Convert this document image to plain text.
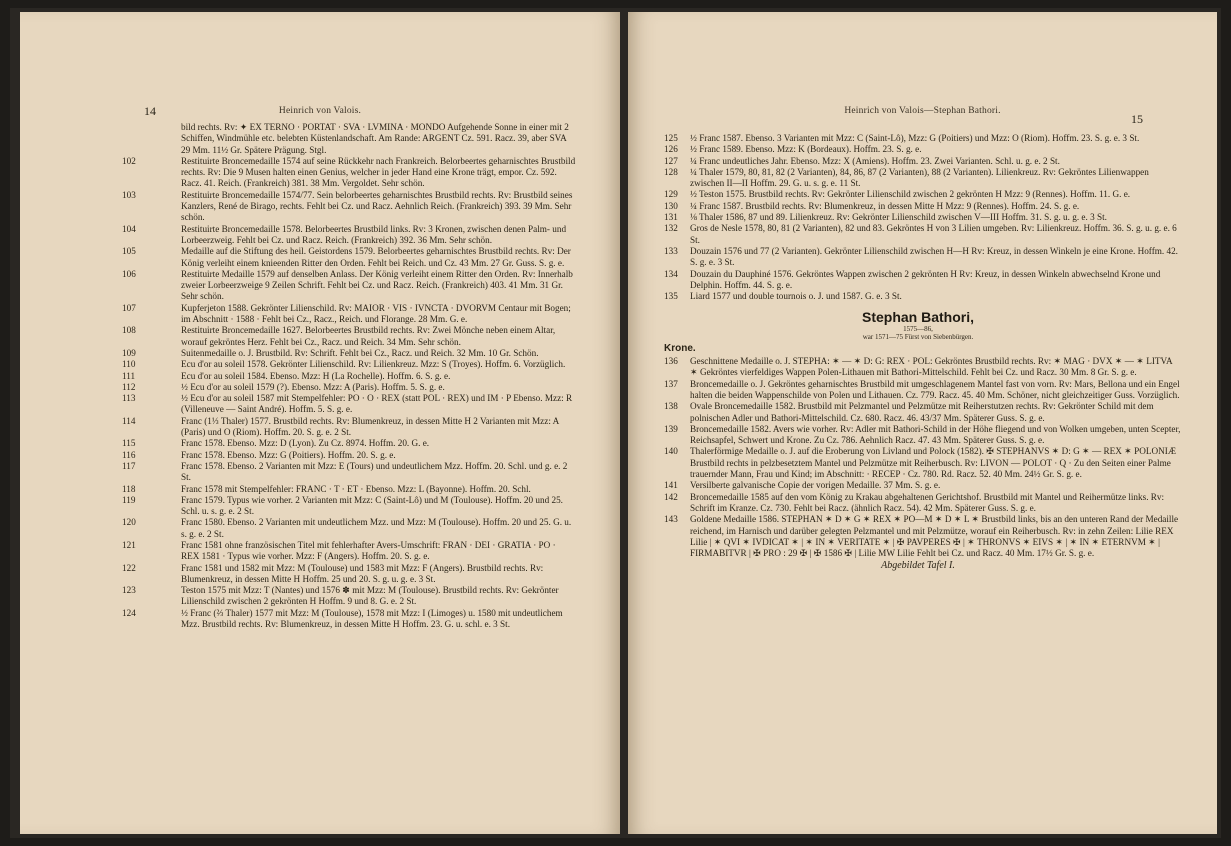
14	Heinrich von Valois.

bild rechts. Rv: ✦ EX TERNO · PORTAT · SVA · LVMINA · MONDO Aufgehende Sonne in einer mit 2 Schiffen, Windmühle etc. belebten Küstenlandschaft. Am Rande: ARGENT Cz. 591. Racz. 39, aber SVA 29 Mm. 11½ Gr. Spätere Prägung. Stgl.

102	Restituirte Broncemedaille 1574 auf seine Rückkehr nach Frankreich. Belorbeertes geharnischtes Brustbild rechts. Rv: Die 9 Musen halten einen Genius, welcher in jeder Hand eine Krone trägt, empor. Cz. 592. Racz. 41. Reich. (Frankreich) 381. 38 Mm. Vergoldet. Sehr schön.

103	Restituirte Broncemedaille 1574/77. Sein belorbeertes geharnischtes Brustbild rechts. Rv: Brustbild seines Kanzlers, René de Birago, rechts. Fehlt bei Cz. und Racz. Aehnlich Reich. (Frankreich) 393. 39 Mm. Sehr schön.

104	Restituirte Broncemedaille 1578. Belorbeertes Brustbild links. Rv: 3 Kronen, zwischen denen Palm- und Lorbeerzweig. Fehlt bei Cz. und Racz. Reich. (Frankreich) 392. 36 Mm. Sehr schön.

105	Medaille auf die Stiftung des heil. Geistordens 1579. Belorbeertes geharnischtes Brustbild rechts. Rv: Der König verleiht einem knieenden Ritter den Orden. Fehlt bei Reich. und Cz. 43 Mm. 27 Gr. Guss. S. g. e.

106	Restituirte Medaille 1579 auf denselben Anlass. Der König verleiht einem Ritter den Orden. Rv: Innerhalb zweier Lorbeerzweige 9 Zeilen Schrift. Fehlt bei Cz. und Racz. Reich. (Frankreich) 403. 41 Mm. 31 Gr. Sehr schön.

107	Kupferjeton 1588. Gekrönter Lilienschild. Rv: MAIOR · VIS · IVNCTA · DVORVM Centaur mit Bogen; im Abschnitt · 1588 · Fehlt bei Cz., Racz., Reich. und Florange. 28 Mm. G. e.

108	Restituirte Broncemedaille 1627. Belorbeertes Brustbild rechts. Rv: Zwei Mönche neben einem Altar, worauf gekröntes Herz. Fehlt bei Cz., Racz. und Reich. 34 Mm. Sehr schön.

109	Suitenmedaille o. J. Brustbild. Rv: Schrift. Fehlt bei Cz., Racz. und Reich. 32 Mm. 10 Gr. Schön.

110	Ecu d'or au soleil 1578. Gekrönter Lilienschild. Rv: Lilienkreuz. Mzz: S (Troyes). Hoffm. 6. Vorzüglich.

111	Ecu d'or au soleil 1584. Ebenso. Mzz: H (La Rochelle). Hoffm. 6. S. g. e.

112	½ Ecu d'or au soleil 1579 (?). Ebenso. Mzz: A (Paris). Hoffm. 5. S. g. e.

113	½ Ecu d'or au soleil 1587 mit Stempelfehler: PO · O · REX (statt POL · REX) und IM · P Ebenso. Mzz: R (Villeneuve — Saint André). Hoffm. 5. S. g. e.

114	Franc (1⅓ Thaler) 1577. Brustbild rechts. Rv: Blumenkreuz, in dessen Mitte H 2 Varianten mit Mzz: A (Paris) und O (Riom). Hoffm. 20. S. g. e. 2 St.

115	Franc 1578. Ebenso. Mzz: D (Lyon). Zu Cz. 8974. Hoffm. 20. G. e.

116	Franc 1578. Ebenso. Mzz: G (Poitiers). Hoffm. 20. S. g. e.

117	Franc 1578. Ebenso. 2 Varianten mit Mzz: E (Tours) und undeutlichem Mzz. Hoffm. 20. Schl. und g. e. 2 St.

118	Franc 1578 mit Stempelfehler: FRANC · T · ET · Ebenso. Mzz: L (Bayonne). Hoffm. 20. Schl.

119	Franc 1579. Typus wie vorher. 2 Varianten mit Mzz: C (Saint-Lô) und M (Toulouse). Hoffm. 20 und 25. Schl. u. s. g. e. 2 St.

120	Franc 1580. Ebenso. 2 Varianten mit undeutlichem Mzz. und Mzz: M (Toulouse). Hoffm. 20 und 25. G. u. s. g. e. 2 St.

121	Franc 1581 ohne französischen Titel mit fehlerhafter Avers-Umschrift: FRAN · DEI · GRATIA · PO · REX 1581 · Typus wie vorher. Mzz: F (Angers). Hoffm. 20. S. g. e.

122	Franc 1581 und 1582 mit Mzz: M (Toulouse) und 1583 mit Mzz: F (Angers). Brustbild rechts. Rv: Blumenkreuz, in dessen Mitte H Hoffm. 25 und 20. S. g. u. g. e. 3 St.

123	Teston 1575 mit Mzz: T (Nantes) und 1576 ✽ mit Mzz: M (Toulouse). Brustbild rechts. Rv: Gekrönter Lilienschild zwischen 2 gekrönten H Hoffm. 9 und 8. G. e. 2 St.

124	½ Franc (⅔ Thaler) 1577 mit Mzz: M (Toulouse), 1578 mit Mzz: I (Limoges) u. 1580 mit undeutlichem Mzz. Brustbild rechts. Rv: Blumenkreuz, in dessen Mitte H Hoffm. 23. G. u. schl. e. 3 St.

Heinrich von Valois—Stephan Bathori.
15

125	½ Franc 1587. Ebenso. 3 Varianten mit Mzz: C (Saint-Lô), Mzz: G (Poitiers) und Mzz: O (Riom). Hoffm. 23. S. g. e. 3 St.

126	½ Franc 1589. Ebenso. Mzz: K (Bordeaux). Hoffm. 23. S. g. e.

127	¼ Franc undeutliches Jahr. Ebenso. Mzz: X (Amiens). Hoffm. 23. Zwei Varianten. Schl. u. g. e. 2 St.

128	¼ Thaler 1579, 80, 81, 82 (2 Varianten), 84, 86, 87 (2 Varianten), 88 (2 Varianten). Lilienkreuz. Rv: Gekröntes Lilienwappen zwischen II—II Hoffm. 29. G. u. s. g. e. 11 St.

129	½ Teston 1575. Brustbild rechts. Rv: Gekrönter Lilienschild zwischen 2 gekrönten H Mzz: 9 (Rennes). Hoffm. 11. G. e.

130	¼ Franc 1587. Brustbild rechts. Rv: Blumenkreuz, in dessen Mitte H Mzz: 9 (Rennes). Hoffm. 24. S. g. e.

131	⅛ Thaler 1586, 87 und 89. Lilienkreuz. Rv: Gekrönter Lilienschild zwischen V—III Hoffm. 31. S. g. u. g. e. 3 St.

132	Gros de Nesle 1578, 80, 81 (2 Varianten), 82 und 83. Gekröntes H von 3 Lilien umgeben. Rv: Lilienkreuz. Hoffm. 36. S. g. u. g. e. 6 St.

133	Douzain 1576 und 77 (2 Varianten). Gekrönter Lilienschild zwischen H—H Rv: Kreuz, in dessen Winkeln je eine Krone. Hoffm. 42. S. g. e. 3 St.

134	Douzain du Dauphiné 1576. Gekröntes Wappen zwischen 2 gekrönten H Rv: Kreuz, in dessen Winkeln abwechselnd Krone und Delphin. Hoffm. 44. S. g. e.

135	Liard 1577 und double tournois o. J. und 1587. G. e. 3 St.

Stephan Bathori,
1575—86,
war 1571—75 Fürst von Siebenbürgen.
Krone.

136	Geschnittene Medaille o. J. STEPHA: ✶ — ✶ D: G: REX · POL: Gekröntes Brustbild rechts. Rv: ✶ MAG · DVX ✶ — ✶ LITVA ✶ Gekröntes vierfeldiges Wappen Polen-Lithauen mit Bathori-Mittelschild. Fehlt bei Cz. und Racz. 30 Mm. 8 Gr. S. g. e.

137	Broncemedaille o. J. Gekröntes geharnischtes Brustbild mit umgeschlagenem Mantel fast von vorn. Rv: Mars, Bellona und ein Engel halten die beiden Wappenschilde von Polen und Lithauen. Cz. 779. Racz. 45. 40 Mm. Schöner, nicht gleichzeitiger Guss. Vorzüglich.

138	Ovale Broncemedaille 1582. Brustbild mit Pelzmantel und Pelzmütze mit Reiherstutzen rechts. Rv: Gekrönter Schild mit dem polnischen Adler und Bathori-Mittelschild. Cz. 680. Racz. 46. 43/37 Mm. Späterer Guss. S. g. e.

139	Broncemedaille 1582. Avers wie vorher. Rv: Adler mit Bathori-Schild in der Höhe fliegend und von Wolken umgeben, unten Scepter, Reichsapfel, Schwert und Krone. Zu Cz. 786. Aehnlich Racz. 47. 43 Mm. Späterer Guss. S. g. e.

140	Thalerförmige Medaille o. J. auf die Eroberung von Livland und Polock (1582). ✠ STEPHANVS ✶ D: G ✶ — REX ✶ POLONIÆ Brustbild rechts in pelzbesetztem Mantel und Pelzmütze mit Reiherbusch. Rv: LIVON — POLOT · Q · Zu den Seiten einer Palme trauernder Mann, Frau und Kind; im Abschnitt: · RECEP · Cz. 780. Rd. Racz. 52. 40 Mm. 24½ Gr. S. g. e.

141	Versilberte galvanische Copie der vorigen Medaille. 37 Mm. S. g. e.

142	Broncemedaille 1585 auf den vom König zu Krakau abgehaltenen Gerichtshof. Brustbild mit Mantel und Reihermütze links. Rv: Schrift im Kranze. Cz. 730. Fehlt bei Racz. (ähnlich Racz. 54). 42 Mm. Späterer Guss. S. g. e.

143	Goldene Medaille 1586. STEPHAN ✶ D ✶ G ✶ REX ✶ PO—M ✶ D ✶ L ✶ Brustbild links, bis an den unteren Rand der Medaille reichend, im Harnisch und darüber gelegten Pelzmantel und mit Pelzmütze, worauf ein Reiherbusch. Rv: in zehn Zeilen: Lilie REX Lilie | ✶ QVI ✶ IVDICAT ✶ | ✶ IN ✶ VERITATE ✶ | ✠ PAVPERES ✠ | ✶ THRONVS ✶ EIVS ✶ | ✶ IN ✶ ETERNVM ✶ | FIRMABITVR | ✠ PRO : 29 ✠ | ✠ 1586 ✠ | Lilie MW Lilie Fehlt bei Cz. und Racz. 40 Mm. 17½ Gr. S. g. e.

Abgebildet Tafel I.
